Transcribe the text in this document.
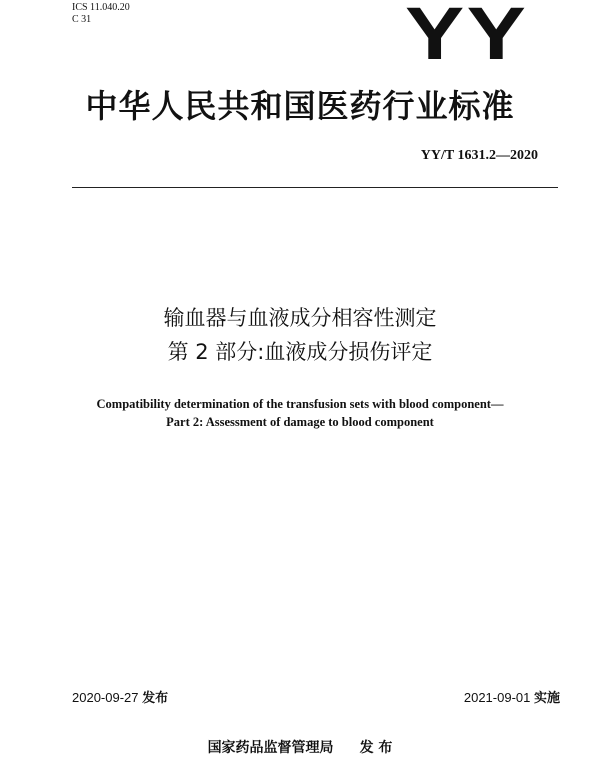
ICS 11.040.20
C 31	YY
中华人民共和国医药行业标准
YY/T 1631.2—2020
输血器与血液成分相容性测定
第 2 部分:血液成分损伤评定
Compatibility determination of the transfusion sets with blood component—
Part 2: Assessment of damage to blood component
2020-09-27 发布	2021-09-01 实施
国家药品监督管理局 发 布
